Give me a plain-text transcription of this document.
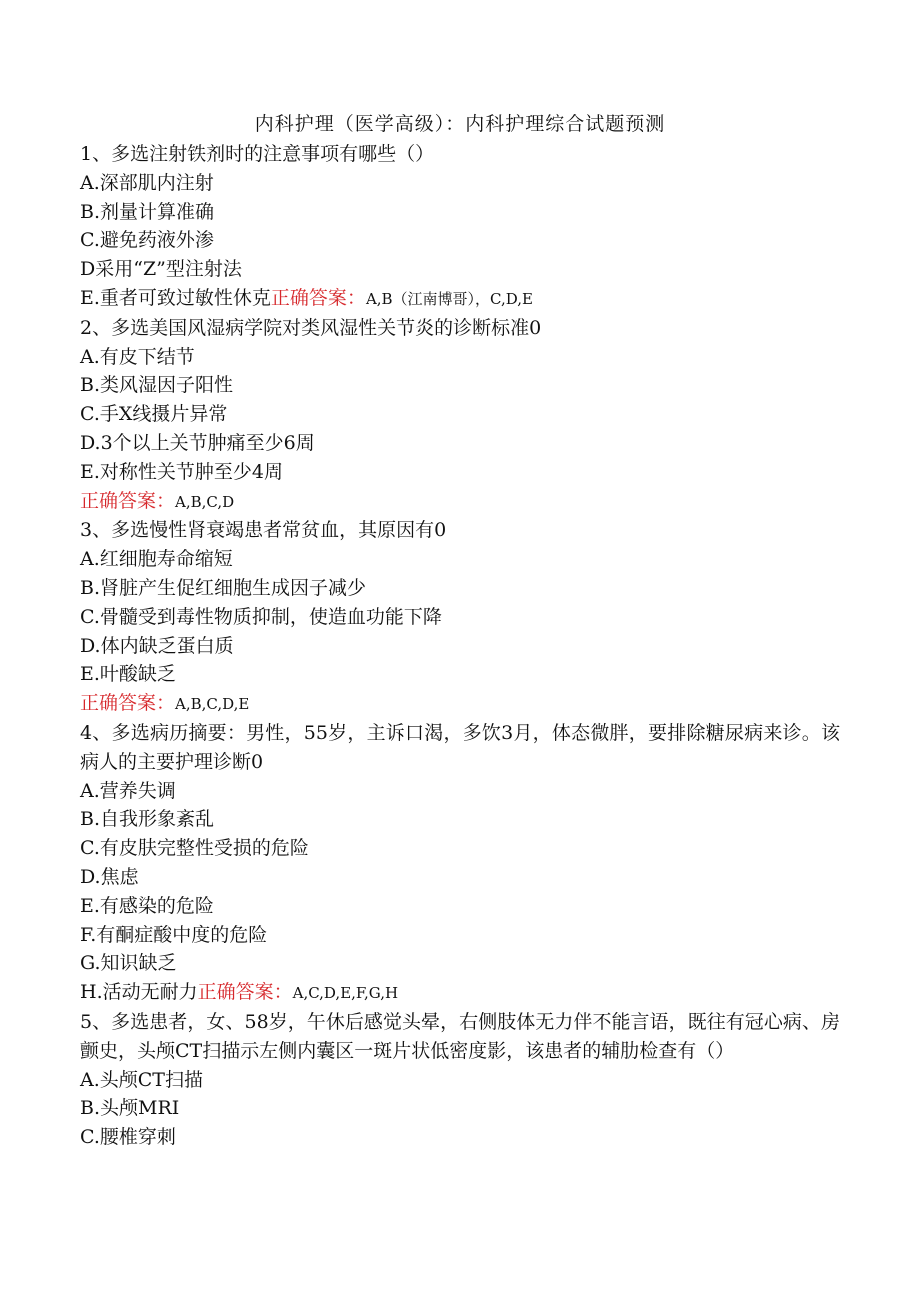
内科护理（医学高级）：内科护理综合试题预测

1、多选注射铁剂时的注意事项有哪些（）

A.深部肌内注射

B.剂量计算准确

C.避免药液外渗

D采用“Z”型注射法

E.重者可致过敏性休克正确答案：A,B（江南博哥），C,D,E

2、多选美国风湿病学院对类风湿性关节炎的诊断标准0

A.有皮下结节

B.类风湿因子阳性

C.手X线摄片异常

D.3个以上关节肿痛至少6周

E.对称性关节肿至少4周

正确答案：A,B,C,D

3、多选慢性肾衰竭患者常贫血，其原因有0

A.红细胞寿命缩短

B.肾脏产生促红细胞生成因子减少

C.骨髓受到毒性物质抑制，使造血功能下降

D.体内缺乏蛋白质

E.叶酸缺乏

正确答案：A,B,C,D,E

4、多选病历摘要：男性，55岁，主诉口渴，多饮3月，体态微胖，要排除糖尿病来诊。该病人的主要护理诊断0

A.营养失调

B.自我形象紊乱

C.有皮肤完整性受损的危险

D.焦虑

E.有感染的危险

F.有酮症酸中度的危险

G.知识缺乏

H.活动无耐力正确答案：A,C,D,E,F,G,H

5、多选患者，女、58岁，午休后感觉头晕，右侧肢体无力伴不能言语，既往有冠心病、房颤史，头颅CT扫描示左侧内囊区一斑片状低密度影，该患者的辅肋检查有（）

A.头颅CT扫描

B.头颅MRI

C.腰椎穿刺
